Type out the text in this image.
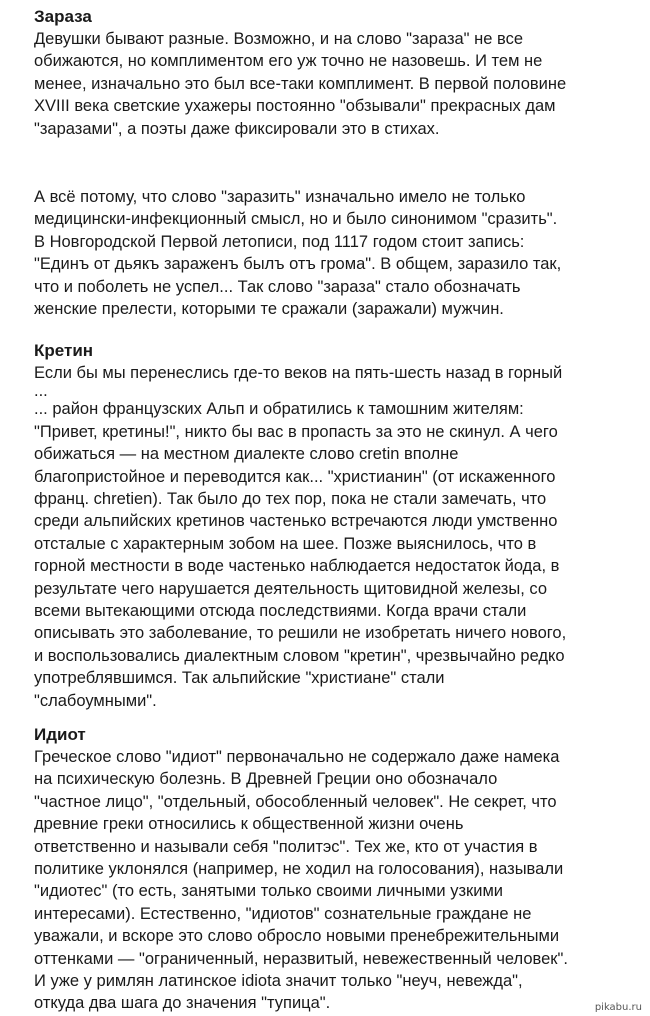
Зараза
Девушки бывают разные. Возможно, и на слово "зараза" не все
обижаются, но комплиментом его уж точно не назовешь. И тем не
менее, изначально это был все-таки комплимент. В первой половине
XVIII века светские ухажеры постоянно "обзывали" прекрасных дам
"заразами", а поэты даже фиксировали это в стихах.
А всё потому, что слово "заразить" изначально имело не только
медицински-инфекционный смысл, но и было синонимом "сразить".
В Новгородской Первой летописи, под 1117 годом стоит запись:
"Единъ от дьякъ зараженъ былъ отъ грома". В общем, заразило так,
что и поболеть не успел... Так слово "зараза" стало обозначать
женские прелести, которыми те сражали (заражали) мужчин.
Кретин
Если бы мы перенеслись где-то веков на пять-шесть назад в горный
...
... район французских Альп и обратились к тамошним жителям:
"Привет, кретины!", никто бы вас в пропасть за это не скинул. А чего
обижаться — на местном диалекте слово cretin вполне
благопристойное и переводится как... "христианин" (от искаженного
франц. chretien). Так было до тех пор, пока не стали замечать, что
среди альпийских кретинов частенько встречаются люди умственно
отсталые с характерным зобом на шее. Позже выяснилось, что в
горной местности в воде частенько наблюдается недостаток йода, в
результате чего нарушается деятельность щитовидной железы, со
всеми вытекающими отсюда последствиями. Когда врачи стали
описывать это заболевание, то решили не изобретать ничего нового,
и воспользовались диалектным словом "кретин", чрезвычайно редко
употреблявшимся. Так альпийские "христиане" стали
"слабоумными".
Идиот
Греческое слово "идиот" первоначально не содержало даже намека
на психическую болезнь. В Древней Греции оно обозначало
"частное лицо", "отдельный, обособленный человек". Не секрет, что
древние греки относились к общественной жизни очень
ответственно и называли себя "политэс". Тех же, кто от участия в
политике уклонялся (например, не ходил на голосования), называли
"идиотес" (то есть, занятыми только своими личными узкими
интересами). Естественно, "идиотов" сознательные граждане не
уважали, и вскоре это слово обросло новыми пренебрежительными
оттенками — "ограниченный, неразвитый, невежественный человек".
И уже у римлян латинское idiota значит только "неуч, невежда",
откуда два шага до значения "тупица".	pikabu.ru
